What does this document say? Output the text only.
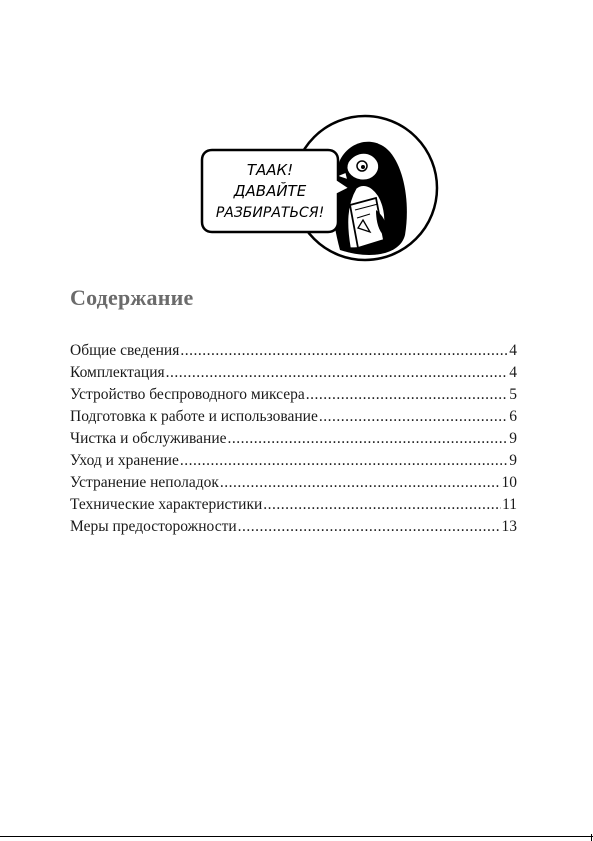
ТААК!
ДАВАЙТЕ
РАЗБИРАТЬСЯ!
Содержание
Общие сведения .....	4
Комплектация .....	4
Устройство беспроводного миксера .....	5
Подготовка к работе и использование .....	6
Чистка и обслуживание .....	9
Уход и хранение .....	9
Устранение неполадок .....	10
Технические характеристики .....	11
Меры предосторожности .....	13
